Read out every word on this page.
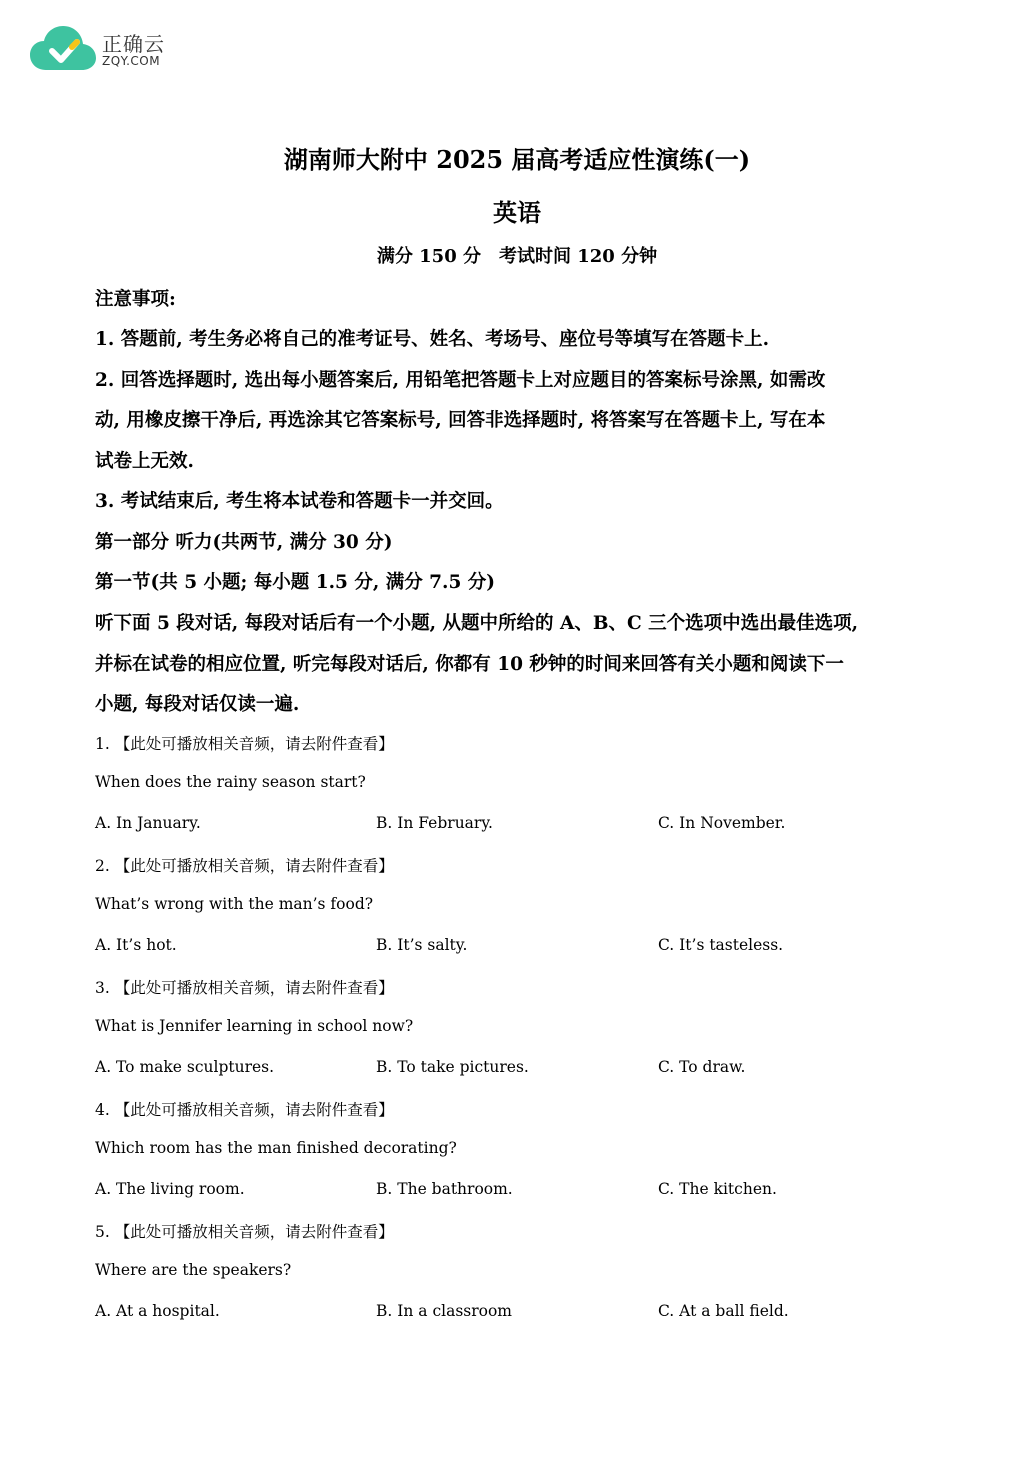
正确云
ZQY.COM
湖南师大附中 2025 届高考适应性演练(一)
英语
满分 150 分　考试时间 120 分钟
注意事项:
1. 答题前, 考生务必将自己的准考证号、姓名、考场号、座位号等填写在答题卡上.
2. 回答选择题时, 选出每小题答案后, 用铅笔把答题卡上对应题目的答案标号涂黑, 如需改
动, 用橡皮擦干净后, 再选涂其它答案标号, 回答非选择题时, 将答案写在答题卡上, 写在本
试卷上无效.
3. 考试结束后, 考生将本试卷和答题卡一并交回。
第一部分 听力(共两节, 满分 30 分)
第一节(共 5 小题; 每小题 1.5 分, 满分 7.5 分)
听下面 5 段对话, 每段对话后有一个小题, 从题中所给的 A、B、C 三个选项中选出最佳选项,
并标在试卷的相应位置, 听完每段对话后, 你都有 10 秒钟的时间来回答有关小题和阅读下一
小题, 每段对话仅读一遍.
1. 【此处可播放相关音频，请去附件查看】
When does the rainy season start?
A. In January.	B. In February.	C. In November.
2. 【此处可播放相关音频，请去附件查看】
What’s wrong with the man’s food?
A. It’s hot.	B. It’s salty.	C. It’s tasteless.
3. 【此处可播放相关音频，请去附件查看】
What is Jennifer learning in school now?
A. To make sculptures.	B. To take pictures.	C. To draw.
4. 【此处可播放相关音频，请去附件查看】
Which room has the man finished decorating?
A. The living room.	B. The bathroom.	C. The kitchen.
5. 【此处可播放相关音频，请去附件查看】
Where are the speakers?
A. At a hospital.	B. In a classroom	C. At a ball field.
